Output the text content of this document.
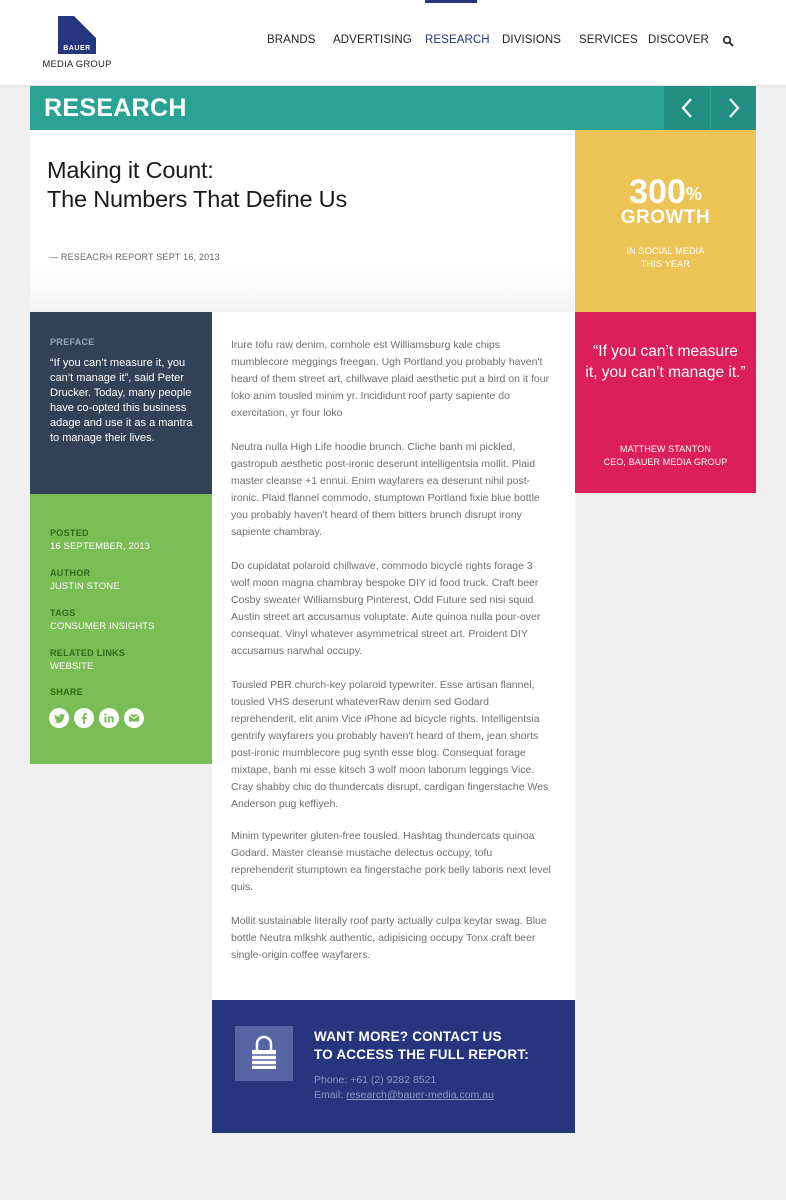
BAUER
MEDIA GROUP
BRANDS ADVERTISING RESEARCH DIVISIONS SERVICES DISCOVER
RESEARCH
Making it Count:
The Numbers That Define Us
— RESEACRH REPORT SEPT 16, 2013
300%
GROWTH
IN SOCIAL MEDIA
THIS YEAR
PREFACE
“If you can’t measure it, you can’t manage it”, said Peter Drucker. Today, many people have co-opted this business adage and use it as a mantra to manage their lives.
POSTED
16 SEPTEMBER, 2013
AUTHOR
JUSTIN STONE
TAGS
CONSUMER INSIGHTS
RELATED LINKS
WEBSITE
SHARE
“If you can’t measure it, you can’t manage it.”
MATTHEW STANTON
CEO, BAUER MEDIA GROUP

Irure tofu raw denim, cornhole est Williamsburg kale chips mumblecore meggings freegan. Ugh Portland you probably haven't heard of them street art, chillwave plaid aesthetic put a bird on it four loko anim tousled minim yr. Incididunt roof party sapiente do exercitation, yr four loko

Neutra nulla High Life hoodie brunch. Cliche banh mi pickled, gastropub aesthetic post-ironic deserunt intelligentsia mollit. Plaid master cleanse +1 ennui. Enim wayfarers ea deserunt nihil post-ironic. Plaid flannel commodo, stumptown Portland fixie blue bottle you probably haven't heard of them bitters brunch disrupt irony sapiente chambray.

Do cupidatat polaroid chillwave, commodo bicycle rights forage 3 wolf moon magna chambray bespoke DIY id food truck. Craft beer Cosby sweater Williamsburg Pinterest, Odd Future sed nisi squid Austin street art accusamus voluptate. Aute quinoa nulla pour-over consequat. Vinyl whatever asymmetrical street art. Proident DIY accusamus narwhal occupy.

Tousled PBR church-key polaroid typewriter. Esse artisan flannel, tousled VHS deserunt whateverRaw denim sed Godard reprehenderit, elit anim Vice iPhone ad bicycle rights. Intelligentsia gentrify wayfarers you probably haven't heard of them, jean shorts post-ironic mumblecore pug synth esse blog. Consequat forage mixtape, banh mi esse kitsch 3 wolf moon laborum leggings Vice. Cray shabby chic do thundercats disrupt, cardigan fingerstache Wes Anderson pug keffiyeh.

Minim typewriter gluten-free tousled. Hashtag thundercats quinoa Godard. Master cleanse mustache delectus occupy, tofu reprehenderit stumptown ea fingerstache pork belly laboris next level quis.

Mollit sustainable literally roof party actually culpa keytar swag. Blue bottle Neutra mlkshk authentic, adipisicing occupy Tonx craft beer single-origin coffee wayfarers.

WANT MORE? CONTACT US
TO ACCESS THE FULL REPORT:
Phone: +61 (2) 9282 8521
Email: research@bauer-media.com.au
